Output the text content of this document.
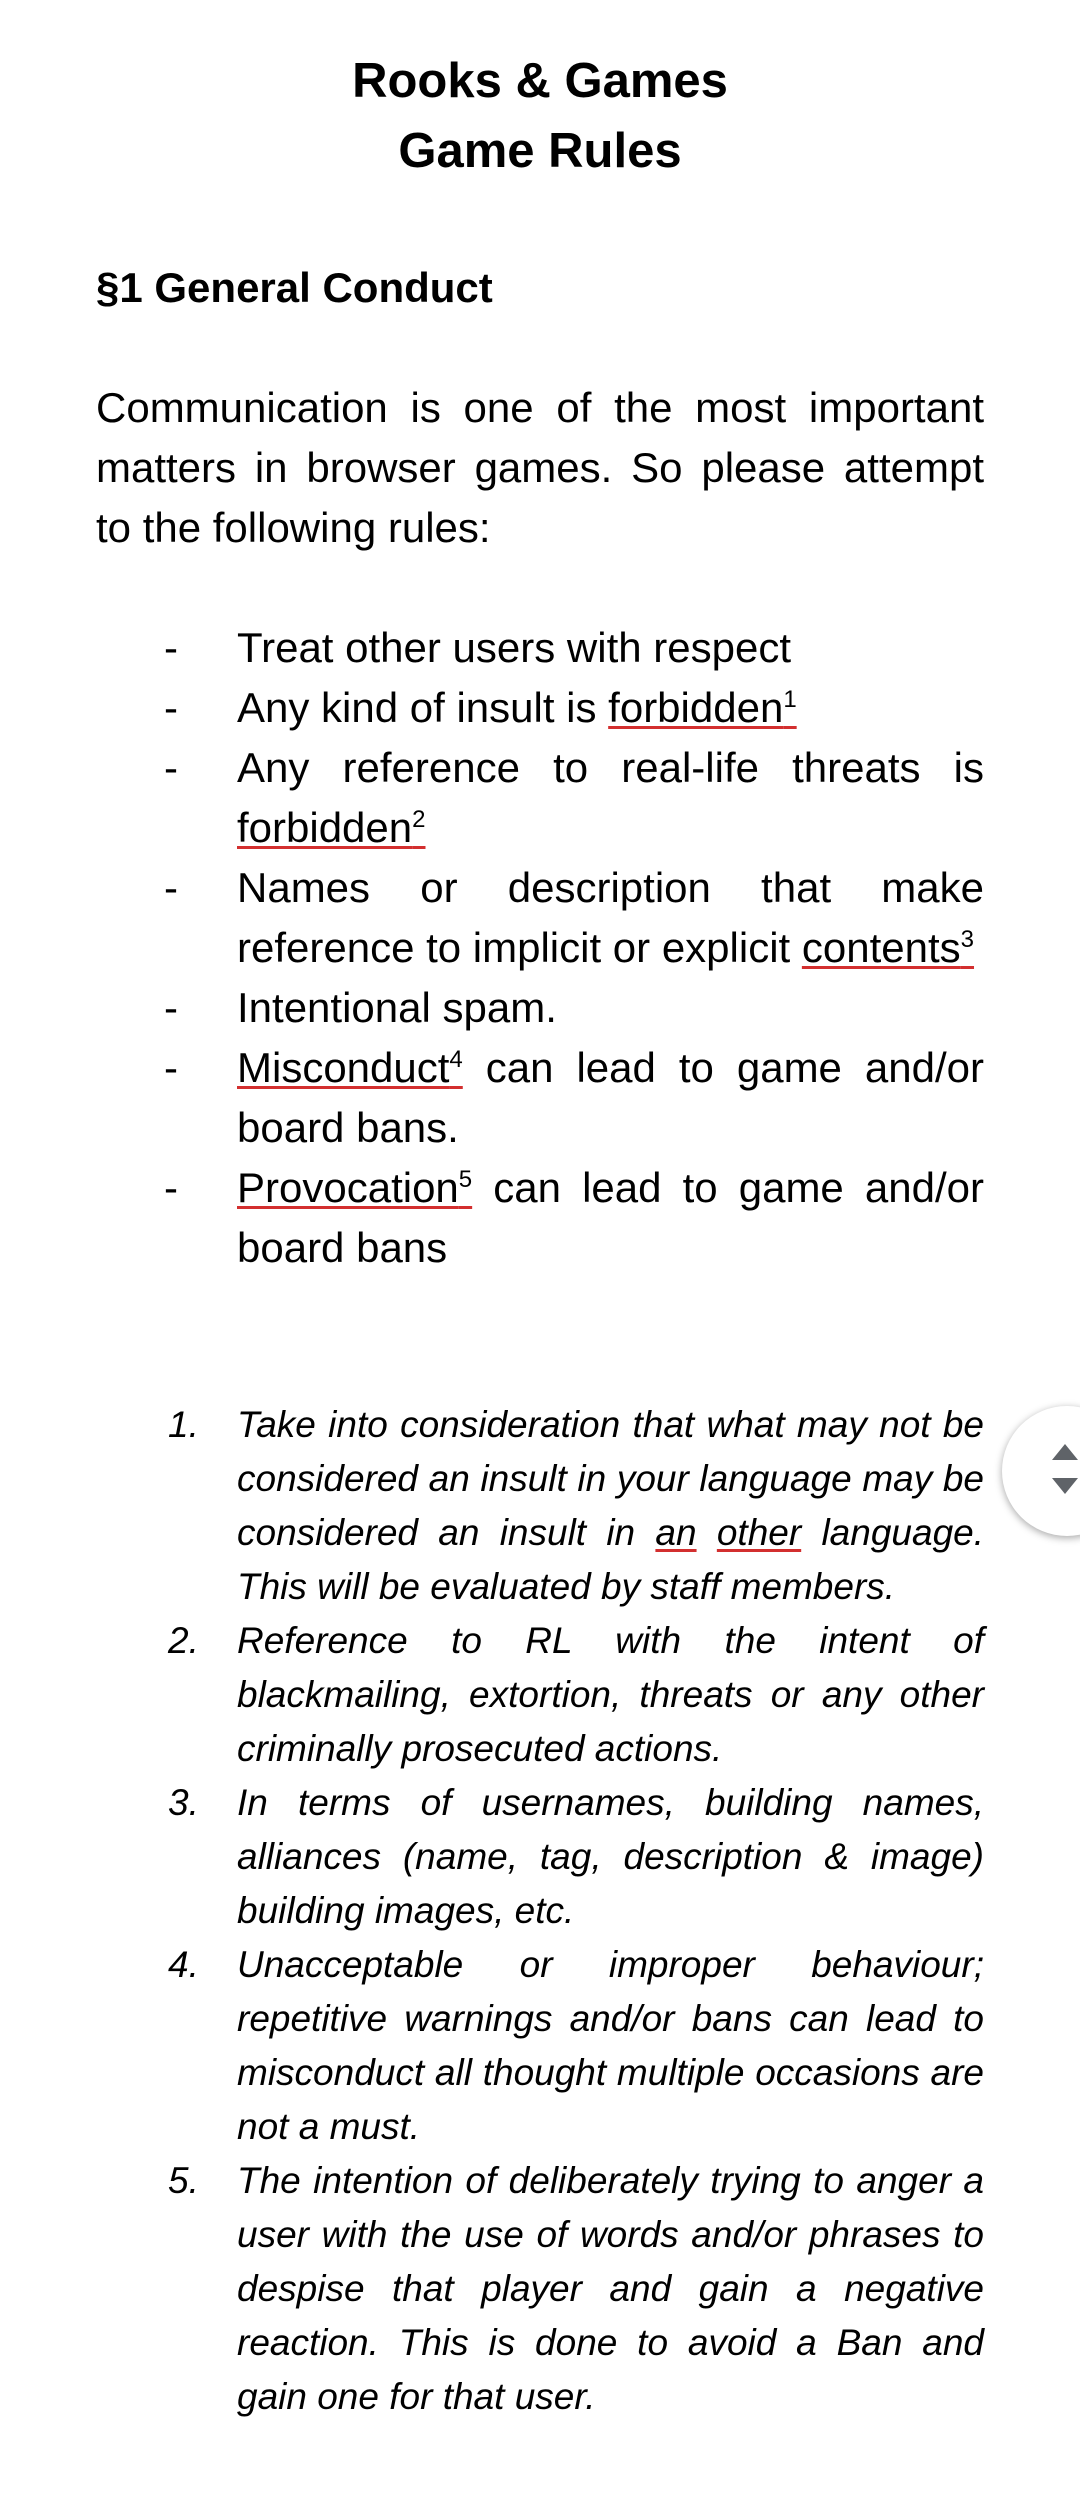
Rooks & Games
Game Rules
§1 General Conduct

Communication is one of the most important matters in browser games. So please attempt to the following rules:

- Treat other users with respect
- Any kind of insult is forbidden$^1$
- Any reference to real-life threats is forbidden$^2$
- Names or description that make reference to implicit or explicit contents$^3$
- Intentional spam.
- Misconduct$^4$ can lead to game and/or board bans.
- Provocation$^5$ can lead to game and/or board bans
1. Take into consideration that what may not be considered an insult in your language may be considered an insult in an other language. This will be evaluated by staff members.
2. Reference to RL with the intent of blackmailing, extortion, threats or any other criminally prosecuted actions.
3. In terms of usernames, building names, alliances (name, tag, description & image) building images, etc.
4. Unacceptable or improper behaviour; repetitive warnings and/or bans can lead to misconduct all thought multiple occasions are not a must.
5. The intention of deliberately trying to anger a user with the use of words and/or phrases to despise that player and gain a negative reaction. This is done to avoid a Ban and gain one for that user.
